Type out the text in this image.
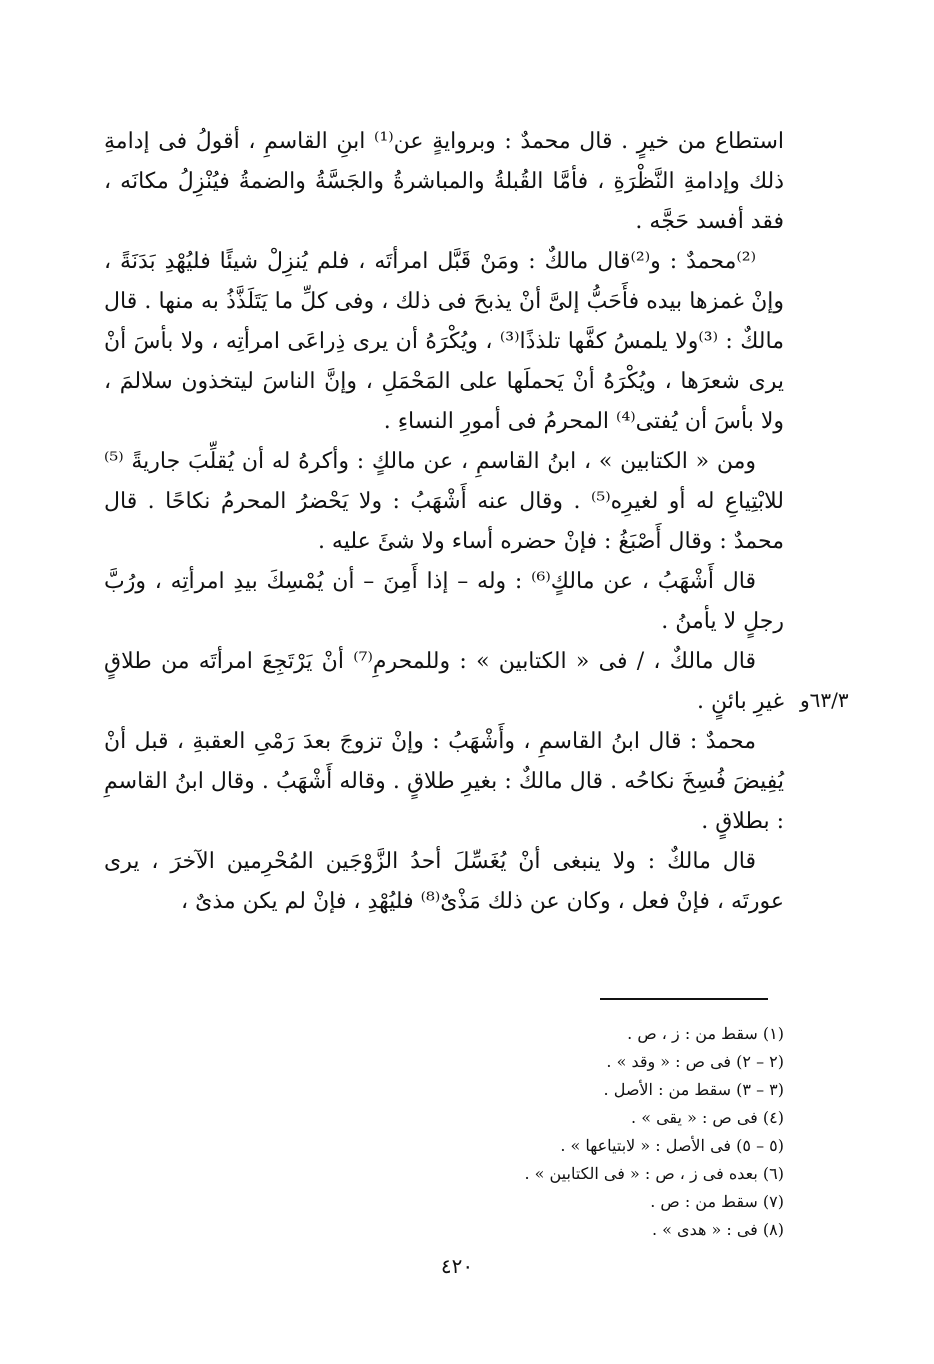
استطاع من خيرٍ . قال محمدٌ : وبروايةٍ عن⁽¹⁾ ابنِ القاسمِ ، أقولُ فى إدامةِ ذلك وإدامةِ النَّظْرَةِ ، فأمَّا القُبلةُ والمباشرةُ والجَسَّةُ والضمةُ فيُنْزِلُ مكانَه ، فقد أفسد حَجَّه .

⁽²⁾محمدٌ : و⁽²⁾قال مالكٌ : ومَنْ قَبَّل امرأتَه ، فلم يُنزِلْ شيئًا فليُهْدِ بَدَنَةً ، وإنْ غمزها بيده فأَحَبُّ إلىَّ أنْ يذبحَ فى ذلك ، وفى كلِّ ما يَتَلَذَّذُ به منها . قال مالكٌ : ⁽³⁾ولا يلمسُ كفَّها تلذذًا⁽³⁾ ، ويُكْرَهُ أن يرى ذِراعَى امرأتِه ، ولا بأسَ أنْ يرى شعرَها ، ويُكْرَهُ أنْ يَحملَها على المَحْمَلِ ، وإنَّ الناسَ ليتخذون سلالمَ ، ولا بأسَ أن يُفتى⁽⁴⁾ المحرمُ فى أمورِ النساءِ .

ومن « الكتابين » ، ابنُ القاسمِ ، عن مالكٍ : وأكرهُ له أن يُقلِّبَ جاريةً ⁽⁵⁾للابْتِياعِ له أو لغيرِه⁽⁵⁾ . وقال عنه أَشْهَبُ : ولا يَحْضرُ المحرمُ نكاحًا . قال محمدٌ : وقال أَصْبَغُ : فإنْ حضره أساء ولا شئَ عليه .

قال أَشْهَبُ ، عن مالكٍ⁽⁶⁾ : وله – إذا أَمِنَ – أن يُمْسِكَ بيدِ امرأتِه ، ورُبَّ رجلٍ لا يأمنُ .

قال مالكٌ ، / فى « الكتابين » : وللمحرمِ⁽⁷⁾ أنْ يَرْتَجِعَ امرأتَه من طلاقٍ غيرِ بائنٍ .

محمدٌ : قال ابنُ القاسمِ ، وأَشْهَبُ : وإنْ تزوجَ بعدَ رَمْىِ العقبةِ ، قبل أنْ يُفِيضَ فُسِخَ نكاحُه . قال مالكٌ : بغيرِ طلاقٍ . وقاله أَشْهَبُ . وقال ابنُ القاسمِ : بطلاقٍ .

قال مالكٌ : ولا ينبغى أنْ يُغَسِّلَ أحدُ الزَّوْجَين المُحْرِمين الآخرَ ، يرى عورتَه ، فإنْ فعل ، وكان عن ذلك مَذْىٌ⁽⁸⁾ فليُهْدِ ، فإنْ لم يكن مذىٌ ،

٦٣/٣و

(١) سقط من : ز ، ص .

(٢ – ٢) فى ص : « وقد » .

(٣ – ٣) سقط من : الأصل .

(٤) فى ص : « يقى » .

(٥ – ٥) فى الأصل : « لابتياعها » .

(٦) بعده فى ز ، ص : « فى الكتابين » .

(٧) سقط من : ص .

(٨) فى : « هدى » .

٤٢٠
